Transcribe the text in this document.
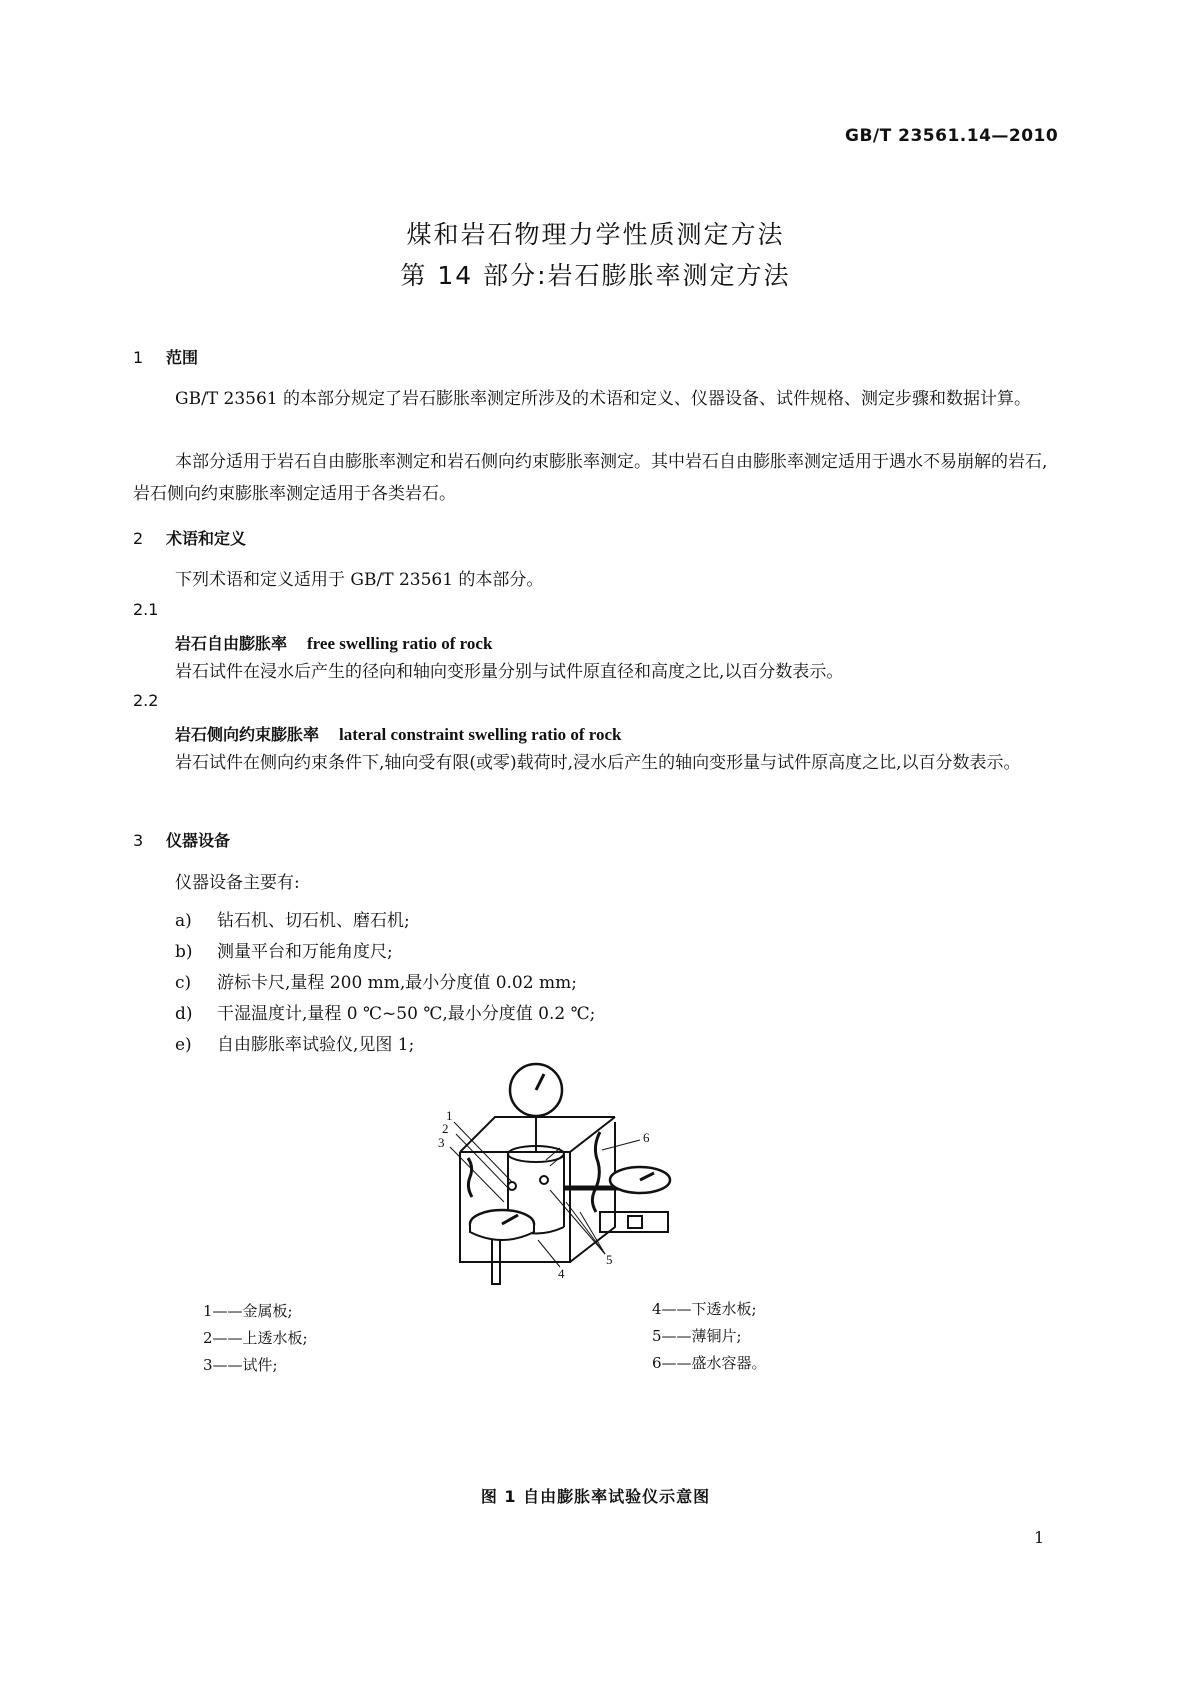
GB/T 23561.14—2010
煤和岩石物理力学性质测定方法
第 14 部分:岩石膨胀率测定方法
1 范围
GB/T 23561 的本部分规定了岩石膨胀率测定所涉及的术语和定义、仪器设备、试件规格、测定步骤和数据计算。
本部分适用于岩石自由膨胀率测定和岩石侧向约束膨胀率测定。其中岩石自由膨胀率测定适用于遇水不易崩解的岩石,岩石侧向约束膨胀率测定适用于各类岩石。
2 术语和定义
下列术语和定义适用于 GB/T 23561 的本部分。
2.1
岩石自由膨胀率 free swelling ratio of rock
岩石试件在浸水后产生的径向和轴向变形量分别与试件原直径和高度之比,以百分数表示。
2.2
岩石侧向约束膨胀率 lateral constraint swelling ratio of rock
岩石试件在侧向约束条件下,轴向受有限(或零)载荷时,浸水后产生的轴向变形量与试件原高度之比,以百分数表示。
3 仪器设备
仪器设备主要有:
a) 钻石机、切石机、磨石机;
b) 测量平台和万能角度尺;
c) 游标卡尺,量程 200 mm,最小分度值 0.02 mm;
d) 干湿温度计,量程 0 ℃~50 ℃,最小分度值 0.2 ℃;
e) 自由膨胀率试验仪,见图 1;
1
2
3
4
5
6
1——金属板;
2——上透水板;
3——试件;
4——下透水板;
5——薄铜片;
6——盛水容器。
图 1 自由膨胀率试验仪示意图
1
